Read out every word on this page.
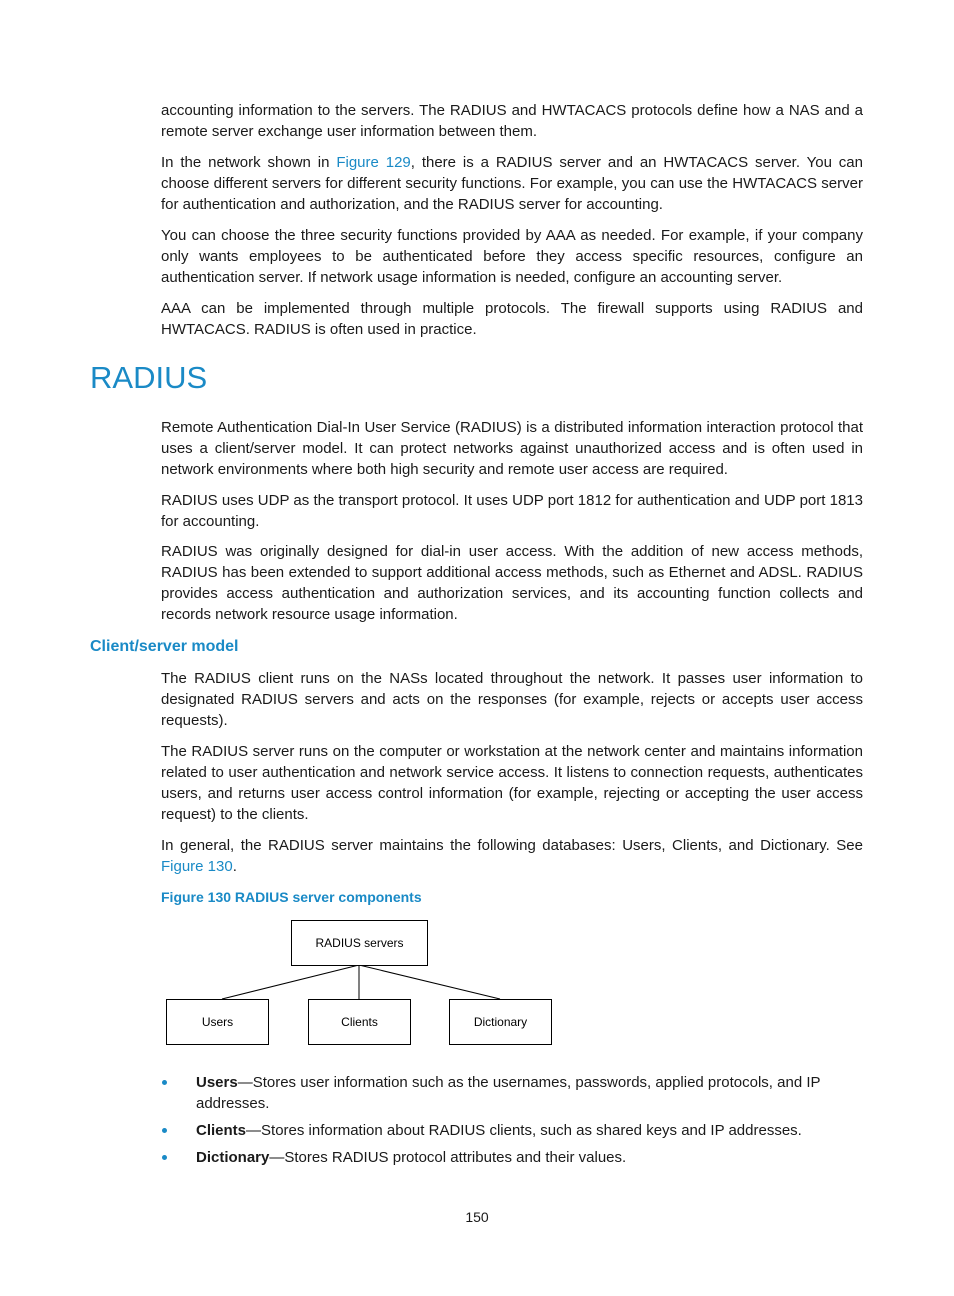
accounting information to the servers. The RADIUS and HWTACACS protocols define how a NAS and a remote server exchange user information between them.

In the network shown in Figure 129, there is a RADIUS server and an HWTACACS server. You can choose different servers for different security functions. For example, you can use the HWTACACS server for authentication and authorization, and the RADIUS server for accounting.

You can choose the three security functions provided by AAA as needed. For example, if your company only wants employees to be authenticated before they access specific resources, configure an authentication server. If network usage information is needed, configure an accounting server.

AAA can be implemented through multiple protocols. The firewall supports using RADIUS and HWTACACS. RADIUS is often used in practice.

RADIUS

Remote Authentication Dial-In User Service (RADIUS) is a distributed information interaction protocol that uses a client/server model. It can protect networks against unauthorized access and is often used in network environments where both high security and remote user access are required.

RADIUS uses UDP as the transport protocol. It uses UDP port 1812 for authentication and UDP port 1813 for accounting.

RADIUS was originally designed for dial-in user access. With the addition of new access methods, RADIUS has been extended to support additional access methods, such as Ethernet and ADSL. RADIUS provides access authentication and authorization services, and its accounting function collects and records network resource usage information.

Client/server model

The RADIUS client runs on the NASs located throughout the network. It passes user information to designated RADIUS servers and acts on the responses (for example, rejects or accepts user access requests).

The RADIUS server runs on the computer or workstation at the network center and maintains information related to user authentication and network service access. It listens to connection requests, authenticates users, and returns user access control information (for example, rejecting or accepting the user access request) to the clients.

In general, the RADIUS server maintains the following databases: Users, Clients, and Dictionary. See Figure 130.

Figure 130 RADIUS server components

RADIUS servers
Users	Clients	Dictionary
Users—Stores user information such as the usernames, passwords, applied protocols, and IP addresses.
Clients—Stores information about RADIUS clients, such as shared keys and IP addresses.
Dictionary—Stores RADIUS protocol attributes and their values.

150
